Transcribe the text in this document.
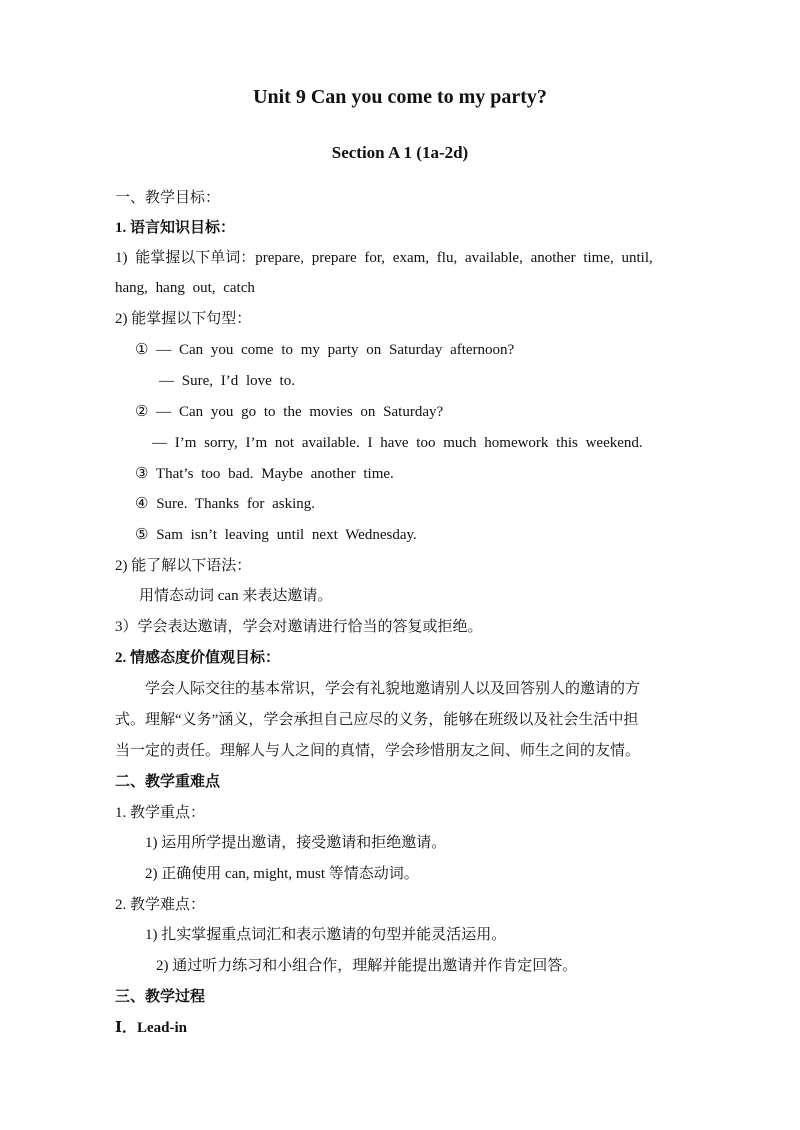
Unit 9 Can you come to my party?
Section A 1 (1a-2d)
一、教学目标：
1. 语言知识目标：
1) 能掌握以下单词：prepare, prepare for, exam, flu, available, another time, until,
hang, hang out, catch
2) 能掌握以下句型：
① — Can you come to my party on Saturday afternoon?
— Sure, I’d love to.
② — Can you go to the movies on Saturday?
— I’m sorry, I’m not available. I have too much homework this weekend.
③ That’s too bad. Maybe another time.
④ Sure. Thanks for asking.
⑤ Sam isn’t leaving until next Wednesday.
2) 能了解以下语法：
用情态动词 can 来表达邀请。
3）学会表达邀请，学会对邀请进行恰当的答复或拒绝。
2. 情感态度价值观目标：
学会人际交往的基本常识，学会有礼貌地邀请别人以及回答别人的邀请的方
式。理解“义务”涵义，学会承担自己应尽的义务，能够在班级以及社会生活中担
当一定的责任。理解人与人之间的真情，学会珍惜朋友之间、师生之间的友情。
二、教学重难点
1. 教学重点：
1) 运用所学提出邀请，接受邀请和拒绝邀请。
2) 正确使用 can, might, must 等情态动词。
2. 教学难点：
1) 扎实掌握重点词汇和表示邀请的句型并能灵活运用。
2) 通过听力练习和小组合作，理解并能提出邀请并作肯定回答。
三、教学过程
Ⅰ．Lead-in
